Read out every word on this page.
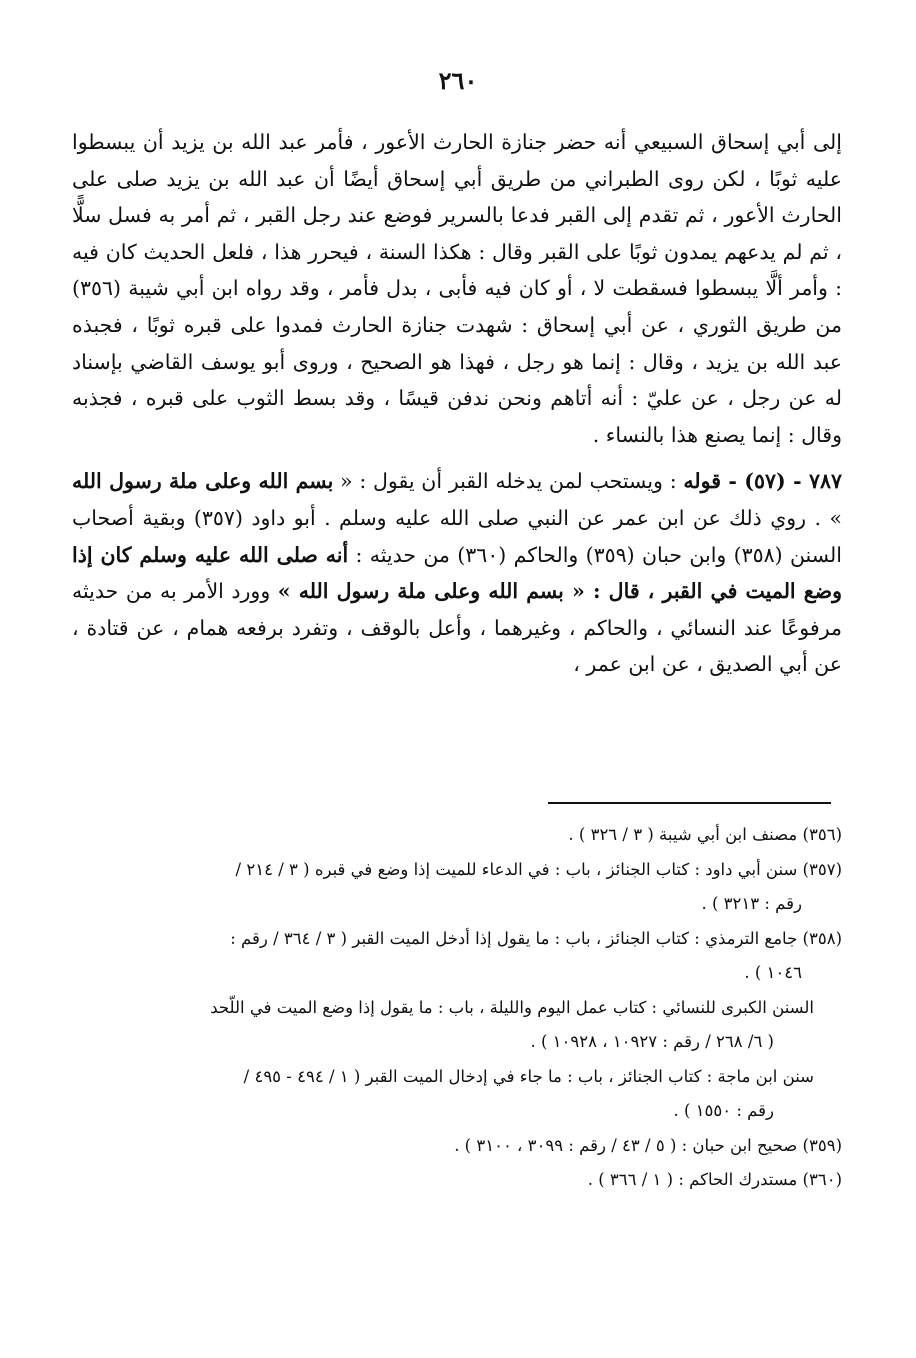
٢٦٠

إلى أبي إسحاق السبيعي أنه حضر جنازة الحارث الأعور ، فأمر عبد الله بن يزيد أن يبسطوا عليه ثوبًا ، لكن روى الطبراني من طريق أبي إسحاق أيضًا أن عبد الله بن يزيد صلى على الحارث الأعور ، ثم تقدم إلى القبر فدعا بالسرير فوضع عند رجل القبر ، ثم أمر به فسل سلًّا ، ثم لم يدعهم يمدون ثوبًا على القبر وقال : هكذا السنة ، فيحرر هذا ، فلعل الحديث كان فيه : وأمر ألَّا يبسطوا فسقطت لا ، أو كان فيه فأبى ، بدل فأمر ، وقد رواه ابن أبي شيبة (٣٥٦) من طريق الثوري ، عن أبي إسحاق : شهدت جنازة الحارث فمدوا على قبره ثوبًا ، فجبذه عبد الله بن يزيد ، وقال : إنما هو رجل ، فهذا هو الصحيح ، وروى أبو يوسف القاضي بإسناد له عن رجل ، عن عليّ : أنه أتاهم ونحن ندفن قيسًا ، وقد بسط الثوب على قبره ، فجذبه وقال : إنما يصنع هذا بالنساء .

٧٨٧ - (٥٧) - قوله : ويستحب لمن يدخله القبر أن يقول : « بسم الله وعلى ملة رسول الله » . روي ذلك عن ابن عمر عن النبي صلى الله عليه وسلم . أبو داود (٣٥٧) وبقية أصحاب السنن (٣٥٨) وابن حبان (٣٥٩) والحاكم (٣٦٠) من حديثه : أنه صلى الله عليه وسلم كان إذا وضع الميت في القبر ، قال : « بسم الله وعلى ملة رسول الله » وورد الأمر به من حديثه مرفوعًا عند النسائي ، والحاكم ، وغيرهما ، وأعل بالوقف ، وتفرد برفعه همام ، عن قتادة ، عن أبي الصديق ، عن ابن عمر ،

(٣٥٦) مصنف ابن أبي شيبة ( ٣ / ٣٢٦ ) .
(٣٥٧) سنن أبي داود : كتاب الجنائز ، باب : في الدعاء للميت إذا وضع في قبره ( ٣ / ٢١٤ /
رقم : ٣٢١٣ ) .
(٣٥٨) جامع الترمذي : كتاب الجنائز ، باب : ما يقول إذا أدخل الميت القبر ( ٣ / ٣٦٤ / رقم :
١٠٤٦ ) .
السنن الكبرى للنسائي : كتاب عمل اليوم والليلة ، باب : ما يقول إذا وضع الميت في اللّحد
( ٦/ ٢٦٨ / رقم : ١٠٩٢٧ ، ١٠٩٢٨ ) .
سنن ابن ماجة : كتاب الجنائز ، باب : ما جاء في إدخال الميت القبر ( ١ / ٤٩٤ - ٤٩٥ /
رقم : ١٥٥٠ ) .
(٣٥٩) صحيح ابن حبان : ( ٥ / ٤٣ / رقم : ٣٠٩٩ ، ٣١٠٠ ) .
(٣٦٠) مستدرك الحاكم : ( ١ / ٣٦٦ ) .
